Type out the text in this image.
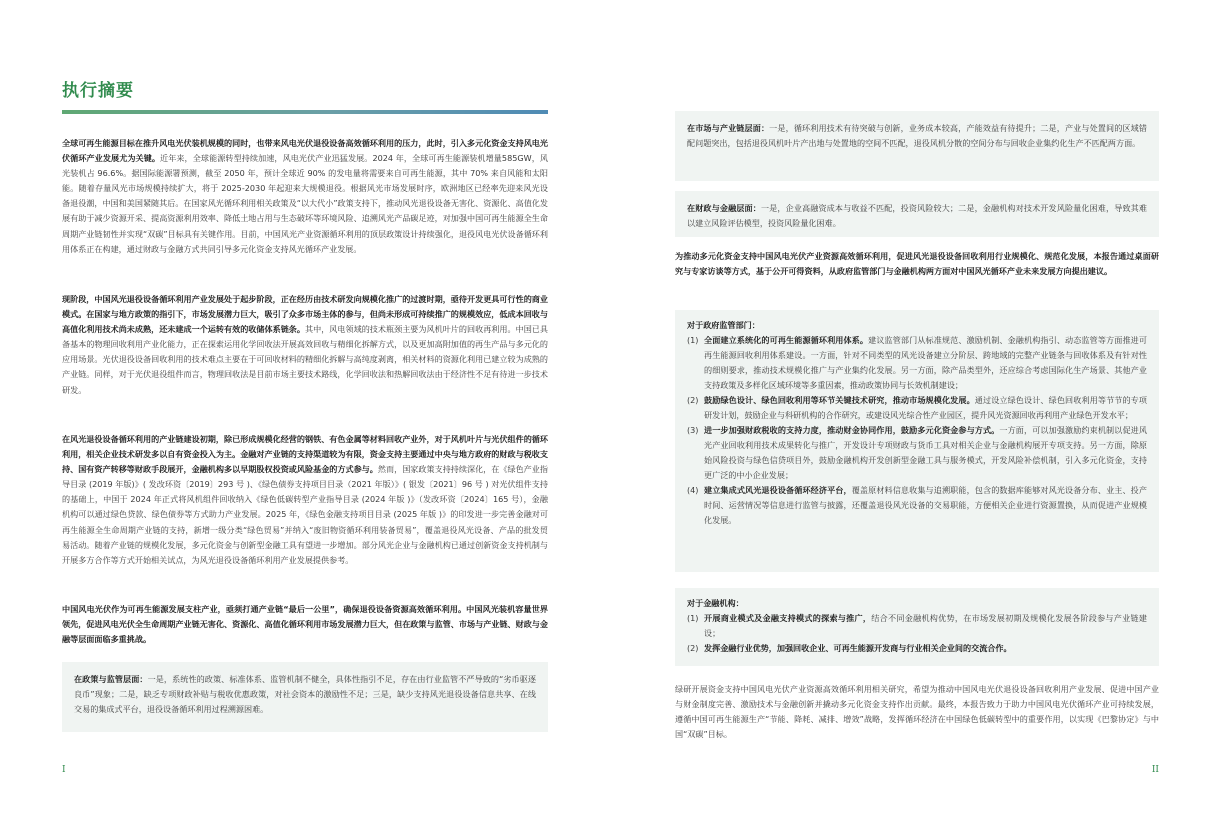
执行摘要

全球可再生能源目标在推升风电光伏装机规模的同时，也带来风电光伏退役设备高效循环利用的压力，此时，引入多元化资金支持风电光伏循环产业发展尤为关键。近年来，全球能源转型持续加速，风电光伏产业迅猛发展。2024 年，全球可再生能源装机增量585GW，风光装机占 96.6%。据国际能源署预测，截至 2050 年，预计全球近 90% 的发电量将需要来自可再生能源，其中 70% 来自风能和太阳能。随着存量风光市场规模持续扩大，将于 2025-2030 年起迎来大规模退役。根据风光市场发展时序，欧洲地区已经率先迎来风光设备退役潮，中国和美国紧随其后。在国家风光循环利用相关政策及“以大代小”政策支持下，推动风光退役设备无害化、资源化、高值化发展有助于减少资源开采、提高资源利用效率、降低土地占用与生态破坏等环境风险、追溯风光产品碳足迹，对加强中国可再生能源全生命周期产业链韧性并实现“双碳”目标具有关键作用。目前，中国风光产业资源循环利用的顶层政策设计持续强化，退役风电光伏设备循环利用体系正在构建，通过财政与金融方式共同引导多元化资金支持风光循环产业发展。

现阶段，中国风光退役设备循环利用产业发展处于起步阶段，正在经历由技术研发向规模化推广的过渡时期，亟待开发更具可行性的商业模式。在国家与地方政策的指引下，市场发展潜力巨大，吸引了众多市场主体的参与，但尚未形成可持续推广的规模效应，低成本回收与高值化利用技术尚未成熟，还未建成一个运转有效的收储体系链条。其中，风电领域的技术瓶颈主要为风机叶片的回收再利用。中国已具备基本的物理回收利用产业化能力，正在探索运用化学回收法开展高效回收与精细化拆解方式，以及更加高附加值的再生产品与多元化的应用场景。光伏退役设备回收利用的技术难点主要在于可回收材料的精细化拆解与高纯度剥离，相关材料的资源化利用已建立较为成熟的产业链。同样，对于光伏退役组件而言，物理回收法是目前市场主要技术路线，化学回收法和热解回收法由于经济性不足有待进一步技术研发。

在风光退役设备循环利用的产业链建设初期，除已形成规模化经营的钢铁、有色金属等材料回收产业外，对于风机叶片与光伏组件的循环利用，相关企业技术研发多以自有资金投入为主。金融对产业链的支持渠道较为有限，资金支持主要通过中央与地方政府的财政与税收支持、国有资产转移等财政手段展开，金融机构多以早期股权投资或风险基金的方式参与。然而，国家政策支持持续深化，在《绿色产业指导目录 (2019 年版)》( 发改环资〔2019〕293 号 )、《绿色债券支持项目目录（2021 年版）》( 银发〔2021〕96 号 ) 对光伏组件支持的基础上，中国于 2024 年正式将风机组件回收纳入《绿色低碳转型产业指导目录 (2024 年版 )》（发改环资〔2024〕165 号），金融机构可以通过绿色贷款、绿色债券等方式助力产业发展。2025 年，《绿色金融支持项目目录 (2025 年版 )》的印发进一步完善金融对可再生能源全生命周期产业链的支持，新增一级分类“绿色贸易”并纳入“废旧物资循环利用装备贸易”，覆盖退役风光设备、产品的批发贸易活动。随着产业链的规模化发展，多元化资金与创新型金融工具有望进一步增加。部分风光企业与金融机构已通过创新资金支持机制与开展多方合作等方式开始相关试点，为风光退役设备循环利用产业发展提供参考。

中国风电光伏作为可再生能源发展支柱产业，亟须打通产业链“最后一公里”，确保退役设备资源高效循环利用。中国风光装机容量世界领先，促进风电光伏全生命周期产业链无害化、资源化、高值化循环利用市场发展潜力巨大，但在政策与监管、市场与产业链、财政与金融等层面面临多重挑战。

在政策与监管层面：一是，系统性的政策、标准体系、监管机制不健全，具体性指引不足，存在由行业监管不严导致的“劣币驱逐良币”现象；二是，缺乏专项财政补贴与税收优惠政策，对社会资本的激励性不足；三是，缺少支持风光退役设备信息共享、在线交易的集成式平台，退役设备循环利用过程溯源困难。

I

在市场与产业链层面：一是，循环利用技术有待突破与创新，业务成本较高，产能效益有待提升；二是，产业与处置间的区域错配问题突出，包括退役风机叶片产出地与处置地的空间不匹配，退役风机分散的空间分布与回收企业集约化生产不匹配两方面。

在财政与金融层面：一是，企业高融资成本与收益不匹配，投资风险较大；二是，金融机构对技术开发风险量化困难，导致其难以建立风险评估模型，投资风险量化困难。

为推动多元化资金支持中国风电光伏产业资源高效循环利用，促进风光退役设备回收利用行业规模化、规范化发展，本报告通过桌面研究与专家访谈等方式，基于公开可得资料，从政府监管部门与金融机构两方面对中国风光循环产业未来发展方向提出建议。

对于政府监管部门：

(1) 全面建立系统化的可再生能源循环利用体系。建议监管部门从标准规范、激励机制、金融机构指引、动态监管等方面推进可再生能源回收利用体系建设。一方面，针对不同类型的风光设备建立分阶层、跨地域的完整产业链条与回收体系及有针对性的细则要求，推动技术规模化推广与产业集约化发展。另一方面，除产品类型外，还应综合考虑国际化生产场景、其他产业支持政策及多样化区域环境等多重因素，推动政策协同与长效机制建设；
(2) 鼓励绿色设计、绿色回收利用等环节关键技术研究，推动市场规模化发展。通过设立绿色设计、绿色回收利用等节节的专项研发计划，鼓励企业与科研机构的合作研究，或建设风光综合性产业园区，提升风光资源回收再利用产业绿色开发水平；
(3) 进一步加强财政税收的支持力度，推动财金协同作用，鼓励多元化资金参与方式。一方面，可以加强激励约束机制以促进风光产业回收利用技术成果转化与推广，开发设计专项财政与货币工具对相关企业与金融机构展开专项支持。另一方面，除原始风险投资与绿色信贷项目外，鼓励金融机构开发创新型金融工具与服务模式，开发风险补偿机制，引入多元化资金，支持更广泛的中小企业发展；
(4) 建立集成式风光退役设备循环经济平台，覆盖原材料信息收集与追溯职能，包含的数据库能够对风光设备分布、业主、投产时间、运营情况等信息进行监管与披露，还覆盖退役风光设备的交易职能，方便相关企业进行资源置换，从而促进产业规模化发展。

对于金融机构：

(1) 开展商业模式及金融支持模式的探索与推广，结合不同金融机构优势，在市场发展初期及规模化发展各阶段参与产业链建设；
(2) 发挥金融行业优势，加强回收企业、可再生能源开发商与行业相关企业间的交流合作。

绿研开展资金支持中国风电光伏产业资源高效循环利用相关研究，希望为推动中国风电光伏退役设备回收利用产业发展、促进中国产业与财金制度完善、激励技术与金融创新并撬动多元化资金支持作出贡献。最终，本报告致力于助力中国风电光伏循环产业可持续发展，遵循中国可再生能源生产“节能、降耗、减排、增效”战略，发挥循环经济在中国绿色低碳转型中的重要作用，以实现《巴黎协定》与中国“双碳”目标。

II
